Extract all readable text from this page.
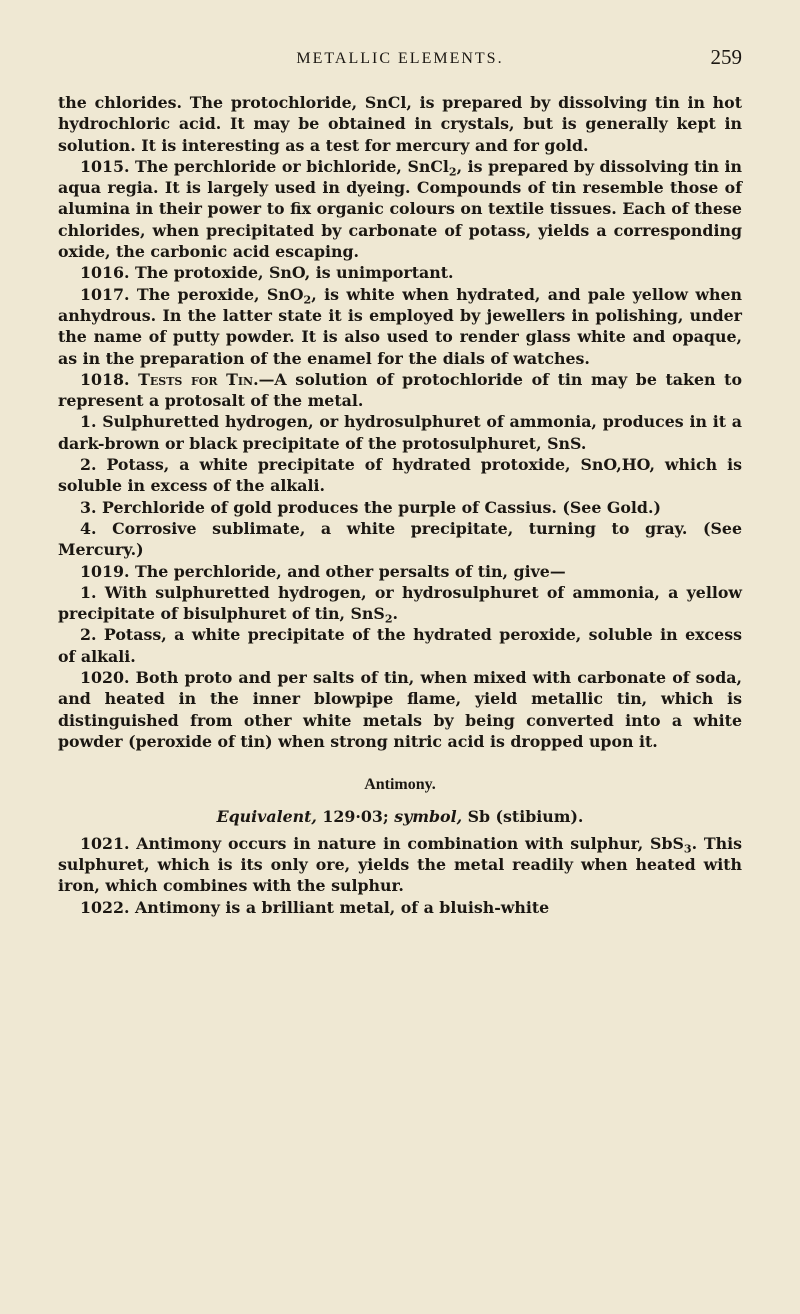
METALLIC ELEMENTS.	259

the chlorides. The protochloride, SnCl, is prepared by dissolving tin in hot hydrochloric acid. It may be obtained in crystals, but is generally kept in solution. It is interesting as a test for mercury and for gold.

1015. The perchloride or bichloride, SnCl$_2$, is prepared by dissolving tin in aqua regia. It is largely used in dyeing. Compounds of tin resemble those of alumina in their power to fix organic colours on textile tissues. Each of these chlorides, when precipitated by carbonate of potass, yields a corresponding oxide, the carbonic acid escaping.

1016. The protoxide, SnO, is unimportant.

1017. The peroxide, SnO$_2$, is white when hydrated, and pale yellow when anhydrous. In the latter state it is employed by jewellers in polishing, under the name of putty powder. It is also used to render glass white and opaque, as in the preparation of the enamel for the dials of watches.

1018. Tests for Tin.—A solution of protochloride of tin may be taken to represent a protosalt of the metal.

1. Sulphuretted hydrogen, or hydrosulphuret of ammonia, produces in it a dark-brown or black precipitate of the protosulphuret, SnS.

2. Potass, a white precipitate of hydrated protoxide, SnO,HO, which is soluble in excess of the alkali.

3. Perchloride of gold produces the purple of Cassius. (See Gold.)

4. Corrosive sublimate, a white precipitate, turning to gray. (See Mercury.)

1019. The perchloride, and other persalts of tin, give—

1. With sulphuretted hydrogen, or hydrosulphuret of ammonia, a yellow precipitate of bisulphuret of tin, SnS$_2$.

2. Potass, a white precipitate of the hydrated peroxide, soluble in excess of alkali.

1020. Both proto and per salts of tin, when mixed with carbonate of soda, and heated in the inner blowpipe flame, yield metallic tin, which is distinguished from other white metals by being converted into a white powder (peroxide of tin) when strong nitric acid is dropped upon it.

Antimony.
Equivalent, 129·03; symbol, Sb (stibium).

1021. Antimony occurs in nature in combination with sulphur, SbS$_3$. This sulphuret, which is its only ore, yields the metal readily when heated with iron, which combines with the sulphur.

1022. Antimony is a brilliant metal, of a bluish-white
